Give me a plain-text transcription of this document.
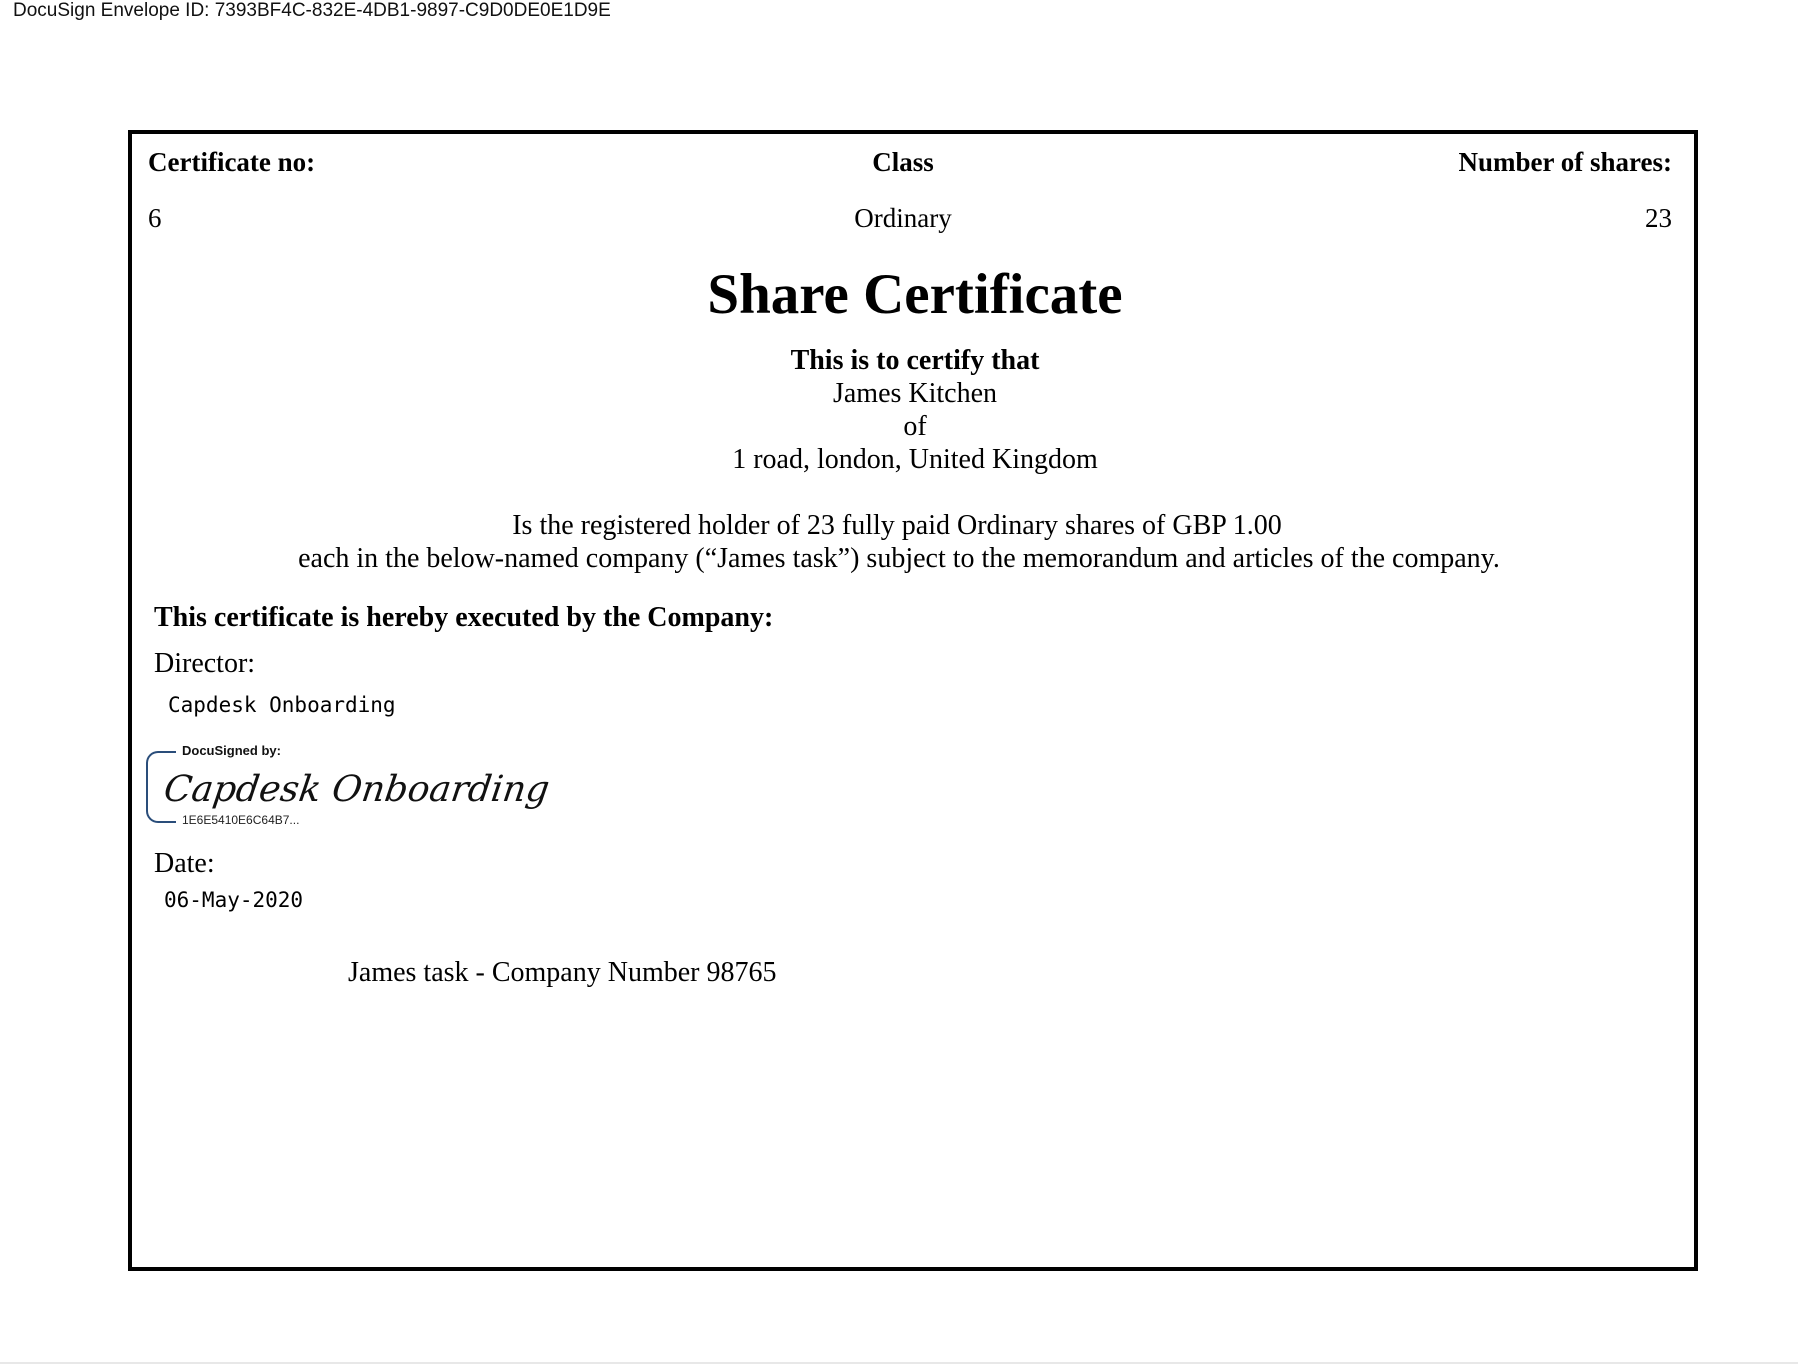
DocuSign Envelope ID: 7393BF4C-832E-4DB1-9897-C9D0DE0E1D9E
Certificate no:
6
Class
Ordinary
Number of shares:
23
Share Certificate
This is to certify that
James Kitchen
of
1 road, london, United Kingdom
Is the registered holder of 23 fully paid Ordinary shares of GBP 1.00
each in the below-named company (“James task”) subject to the memorandum and articles of the company.
This certificate is hereby executed by the Company:
Director:
Capdesk Onboarding
DocuSigned by:
Capdesk Onboarding
1E6E5410E6C64B7...
Date:
06-May-2020
James task - Company Number 98765
